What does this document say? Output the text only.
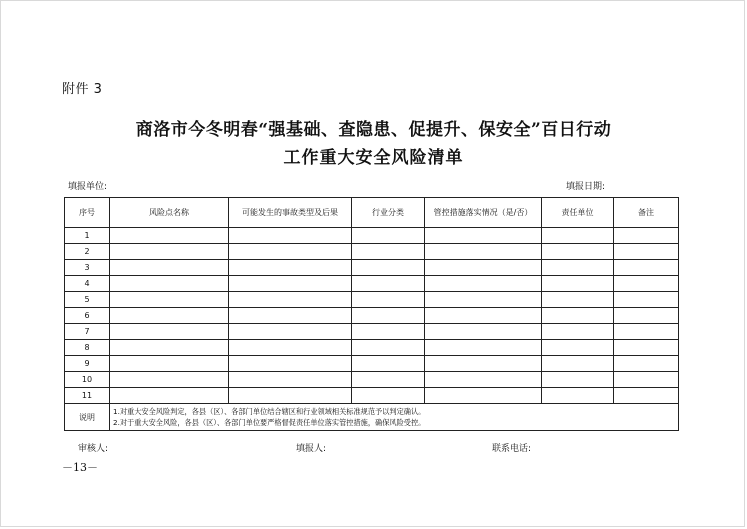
附件 3
商洛市今冬明春“强基础、查隐患、促提升、保安全”百日行动
工作重大安全风险清单
填报单位:	填报日期:
序号	风险点名称	可能发生的事故类型及后果	行业分类	管控措施落实情况（是/否）	责任单位	备注
1						
2						
3						
4						
5						
6						
7						
8						
9						
10						
11						
说明	1.对重大安全风险判定，各县（区）、各部门单位结合辖区和行业领域相关标准规范予以判定确认。
2.对于重大安全风险，各县（区）、各部门单位要严格督促责任单位落实管控措施，确保风险受控。					
审核人:	填报人:	联系电话:
－13－
